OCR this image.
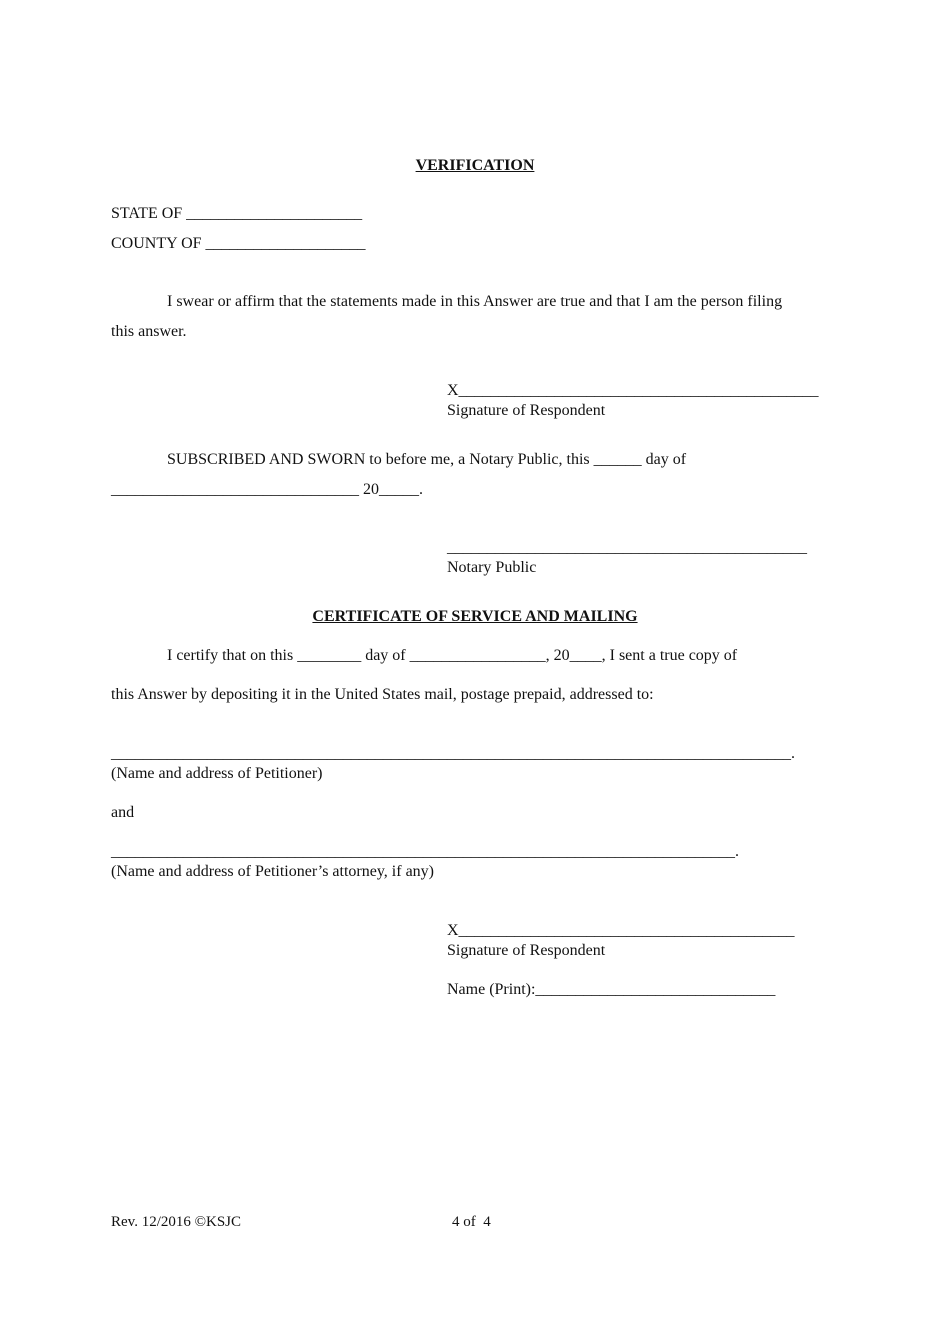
VERIFICATION
STATE OF ______________________
COUNTY OF ____________________
I swear or affirm that the statements made in this Answer are true and that I am the person filing
this answer.
X_____________________________________________
Signature of Respondent
SUBSCRIBED AND SWORN to before me, a Notary Public, this ______ day of
_______________________________ 20_____.
_____________________________________________
Notary Public
CERTIFICATE OF SERVICE AND MAILING
I certify that on this ________ day of _________________, 20____, I sent a true copy of
this Answer by depositing it in the United States mail, postage prepaid, addressed to:
_____________________________________________________________________________________.
(Name and address of Petitioner)
and
______________________________________________________________________________.
(Name and address of Petitioner’s attorney, if any)
X__________________________________________
Signature of Respondent
Name (Print):______________________________
Rev. 12/2016 ©KSJC	4 of  4
